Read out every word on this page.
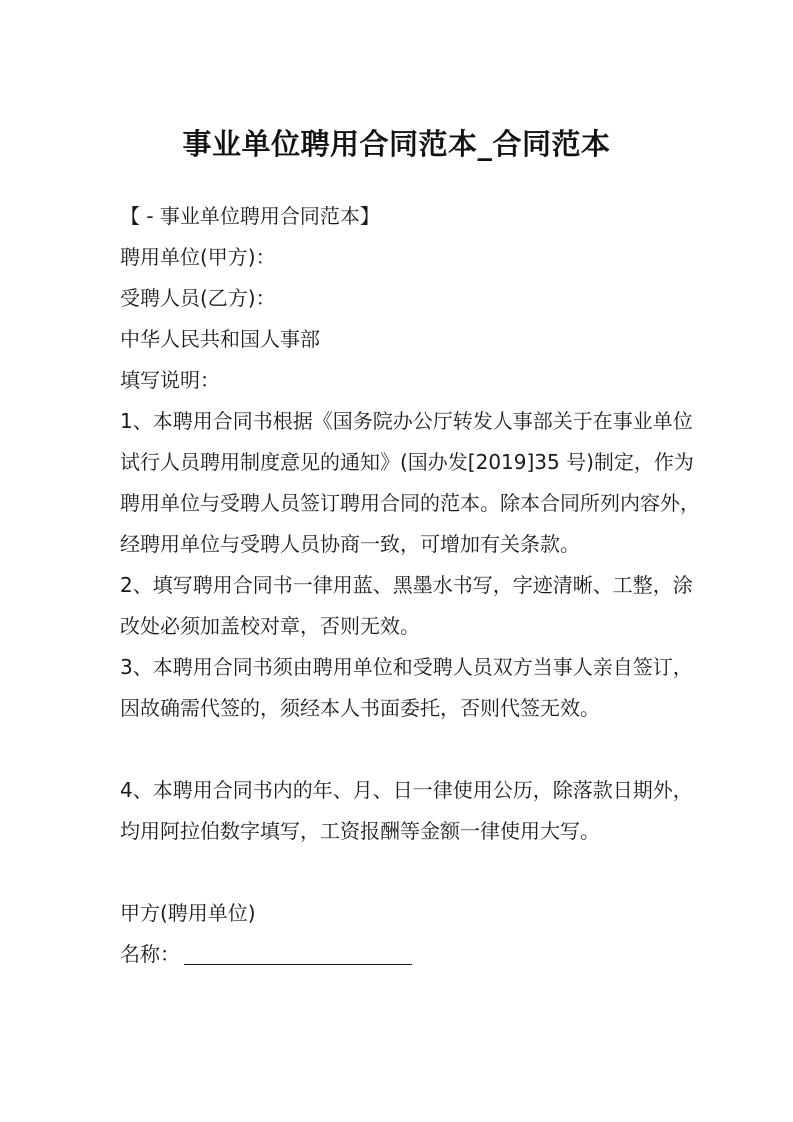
事业单位聘用合同范本_合同范本

【 - 事业单位聘用合同范本】

聘用单位(甲方)：

受聘人员(乙方)：

中华人民共和国人事部

填写说明：

1、本聘用合同书根据《国务院办公厅转发人事部关于在事业单位试行人员聘用制度意见的通知》(国办发[2019]35 号)制定，作为聘用单位与受聘人员签订聘用合同的范本。除本合同所列内容外，经聘用单位与受聘人员协商一致，可增加有关条款。

2、填写聘用合同书一律用蓝、黑墨水书写，字迹清晰、工整，涂改处必须加盖校对章，否则无效。

3、本聘用合同书须由聘用单位和受聘人员双方当事人亲自签订，因故确需代签的，须经本人书面委托，否则代签无效。

4、本聘用合同书内的年、月、日一律使用公历，除落款日期外，均用阿拉伯数字填写，工资报酬等金额一律使用大写。

甲方(聘用单位)

名称：
